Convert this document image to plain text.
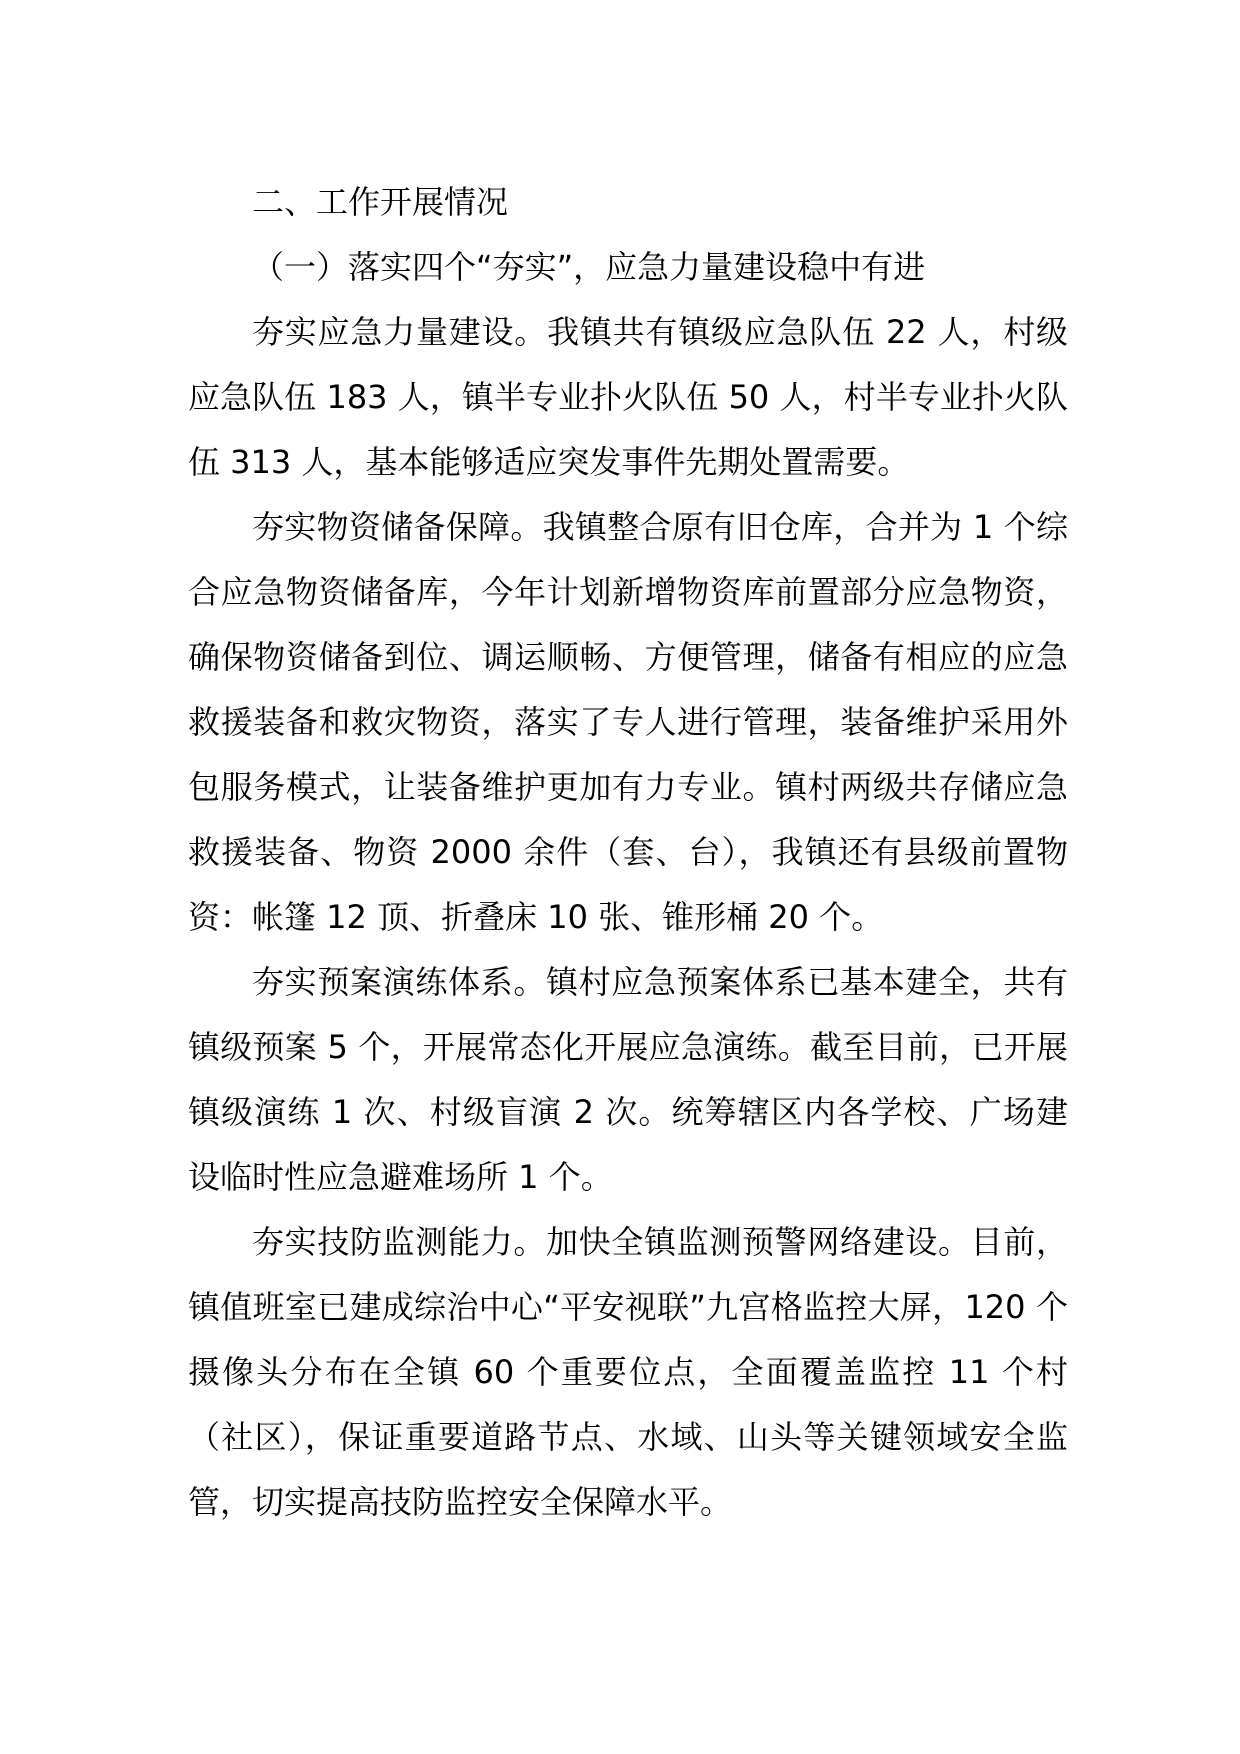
二、工作开展情况
（一）落实四个“夯实”，应急力量建设稳中有进

夯实应急力量建设。我镇共有镇级应急队伍 22 人，村级应急队伍 183 人，镇半专业扑火队伍 50 人，村半专业扑火队伍 313 人，基本能够适应突发事件先期处置需要。

夯实物资储备保障。我镇整合原有旧仓库，合并为 1 个综合应急物资储备库，今年计划新增物资库前置部分应急物资，确保物资储备到位、调运顺畅、方便管理，储备有相应的应急救援装备和救灾物资，落实了专人进行管理，装备维护采用外包服务模式，让装备维护更加有力专业。镇村两级共存储应急救援装备、物资 2000 余件（套、台），我镇还有县级前置物资：帐篷 12 顶、折叠床 10 张、锥形桶 20 个。

夯实预案演练体系。镇村应急预案体系已基本建全，共有镇级预案 5 个，开展常态化开展应急演练。截至目前，已开展镇级演练 1 次、村级盲演 2 次。统筹辖区内各学校、广场建设临时性应急避难场所 1 个。

夯实技防监测能力。加快全镇监测预警网络建设。目前，镇值班室已建成综治中心“平安视联”九宫格监控大屏，120 个摄像头分布在全镇 60 个重要位点，全面覆盖监控 11 个村（社区），保证重要道路节点、水域、山头等关键领域安全监管，切实提高技防监控安全保障水平。
